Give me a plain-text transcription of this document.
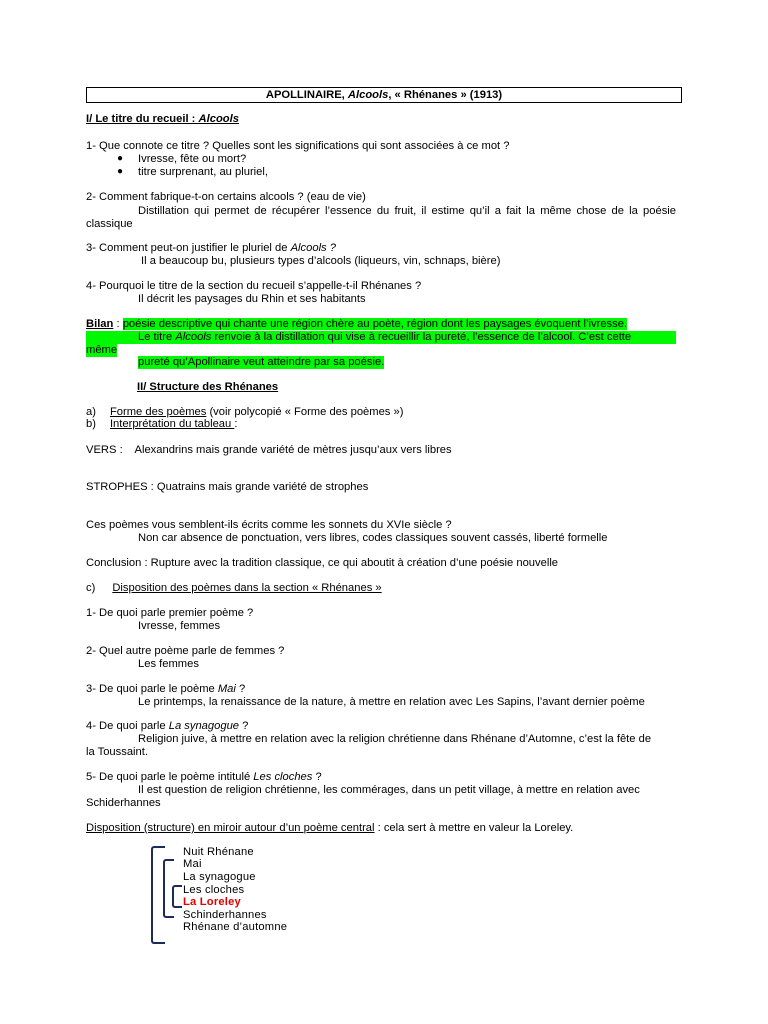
APOLLINAIRE, Alcools, « Rhénanes » (1913)
I/ Le titre du recueil : Alcools
1- Que connote ce titre ? Quelles sont les significations qui sont associées à ce mot ?
● Ivresse, fête ou mort?
● titre surprenant, au pluriel,
2- Comment fabrique-t-on certains alcools ? (eau de vie)
Distillation qui permet de récupérer l’essence du fruit, il estime qu’il a fait la même chose de la poésie classique
3- Comment peut-on justifier le pluriel de Alcools ?
Il a beaucoup bu, plusieurs types d’alcools (liqueurs, vin, schnaps, bière)
4- Pourquoi le titre de la section du recueil s’appelle-t-il Rhénanes ?
Il décrit les paysages du Rhin et ses habitants
Bilan : poésie descriptive qui chante une région chère au poète, région dont les paysages évoquent l’ivresse.
Le titre Alcools renvoie à la distillation qui vise à recueillir la pureté, l’essence de l’alcool. C’est cette
même
pureté qu’Apollinaire veut atteindre par sa poésie.
II/ Structure des Rhénanes
a) Forme des poèmes (voir polycopié « Forme des poèmes »)
b) Interprétation du tableau :
VERS :    Alexandrins mais grande variété de mètres jusqu’aux vers libres
STROPHES : Quatrains mais grande variété de strophes
Ces poèmes vous semblent-ils écrits comme les sonnets du XVIe siècle ?
Non car absence de ponctuation, vers libres, codes classiques souvent cassés, liberté formelle
Conclusion : Rupture avec la tradition classique, ce qui aboutit à création d’une poésie nouvelle
c) Disposition des poèmes dans la section « Rhénanes »
1- De quoi parle premier poème ?
Ivresse, femmes
2- Quel autre poème parle de femmes ?
Les femmes
3- De quoi parle le poème Mai ?
Le printemps, la renaissance de la nature, à mettre en relation avec Les Sapins, l’avant dernier poème
4- De quoi parle La synagogue ?
Religion juive, à mettre en relation avec la religion chrétienne dans Rhénane d’Automne, c’est la fête de
la Toussaint.
5- De quoi parle le poème intitulé Les cloches ?
Il est question de religion chrétienne, les commérages, dans un petit village, à mettre en relation avec
Schiderhannes
Disposition (structure) en miroir autour d’un poème central : cela sert à mettre en valeur la Loreley.
Nuit Rhénane
Mai
La synagogue
Les cloches
La Loreley
Schinderhannes
Rhénane d’automne
